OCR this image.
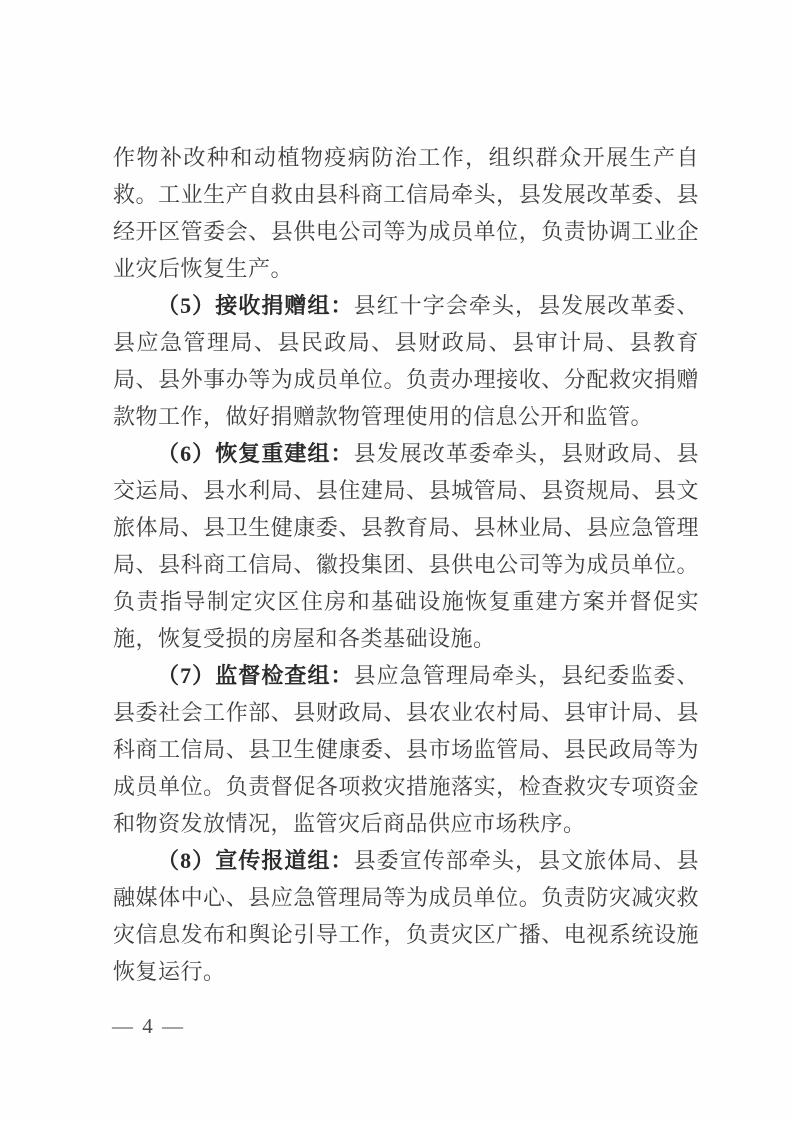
作物补改种和动植物疫病防治工作，组织群众开展生产自救。工业生产自救由县科商工信局牵头，县发展改革委、县经开区管委会、县供电公司等为成员单位，负责协调工业企业灾后恢复生产。

（5）接收捐赠组：县红十字会牵头，县发展改革委、县应急管理局、县民政局、县财政局、县审计局、县教育局、县外事办等为成员单位。负责办理接收、分配救灾捐赠款物工作，做好捐赠款物管理使用的信息公开和监管。

（6）恢复重建组：县发展改革委牵头，县财政局、县交运局、县水利局、县住建局、县城管局、县资规局、县文旅体局、县卫生健康委、县教育局、县林业局、县应急管理局、县科商工信局、徽投集团、县供电公司等为成员单位。负责指导制定灾区住房和基础设施恢复重建方案并督促实施，恢复受损的房屋和各类基础设施。

（7）监督检查组：县应急管理局牵头，县纪委监委、县委社会工作部、县财政局、县农业农村局、县审计局、县科商工信局、县卫生健康委、县市场监管局、县民政局等为成员单位。负责督促各项救灾措施落实，检查救灾专项资金和物资发放情况，监管灾后商品供应市场秩序。

（8）宣传报道组：县委宣传部牵头，县文旅体局、县融媒体中心、县应急管理局等为成员单位。负责防灾减灾救灾信息发布和舆论引导工作，负责灾区广播、电视系统设施恢复运行。

— 4 —
